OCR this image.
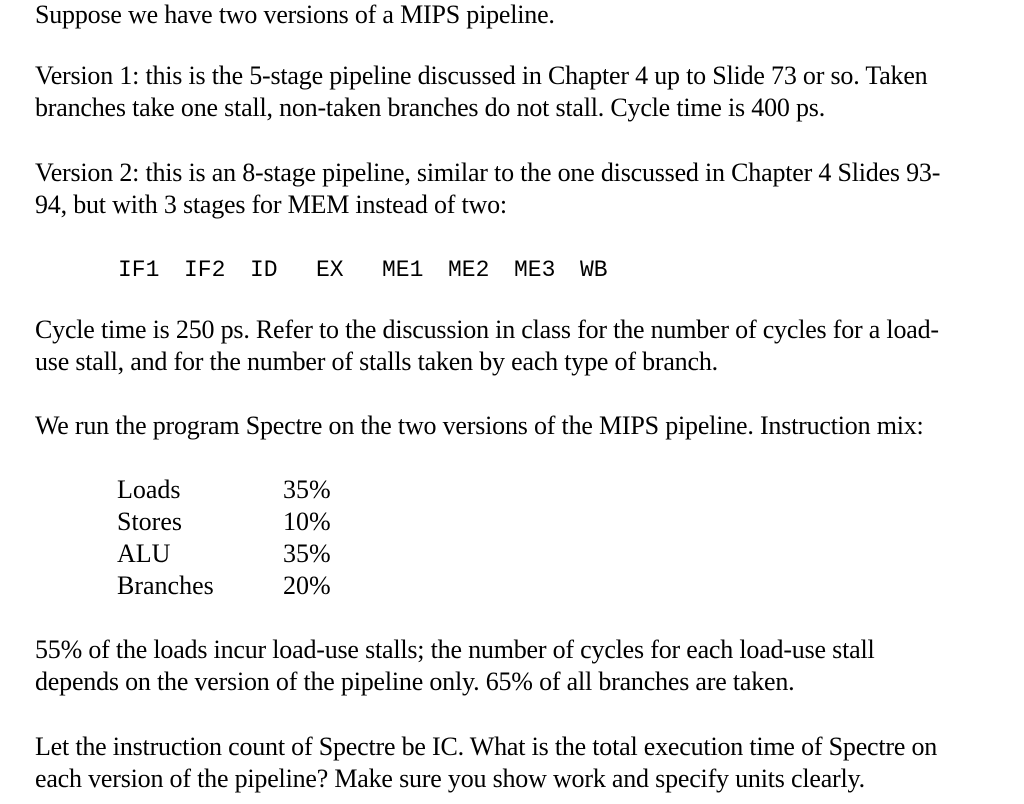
Suppose we have two versions of a MIPS pipeline.
Version 1: this is the 5-stage pipeline discussed in Chapter 4 up to Slide 73 or so. Taken
branches take one stall, non-taken branches do not stall. Cycle time is 400 ps.
Version 2: this is an 8-stage pipeline, similar to the one discussed in Chapter 4 Slides 93-
94, but with 3 stages for MEM instead of two:
IF1 IF2 ID EX ME1 ME2 ME3 WB
Cycle time is 250 ps. Refer to the discussion in class for the number of cycles for a load-
use stall, and for the number of stalls taken by each type of branch.
We run the program Spectre on the two versions of the MIPS pipeline. Instruction mix:
Loads	35%
Stores	10%
ALU	35%
Branches	20%
55% of the loads incur load-use stalls; the number of cycles for each load-use stall
depends on the version of the pipeline only. 65% of all branches are taken.
Let the instruction count of Spectre be IC. What is the total execution time of Spectre on
each version of the pipeline? Make sure you show work and specify units clearly.
